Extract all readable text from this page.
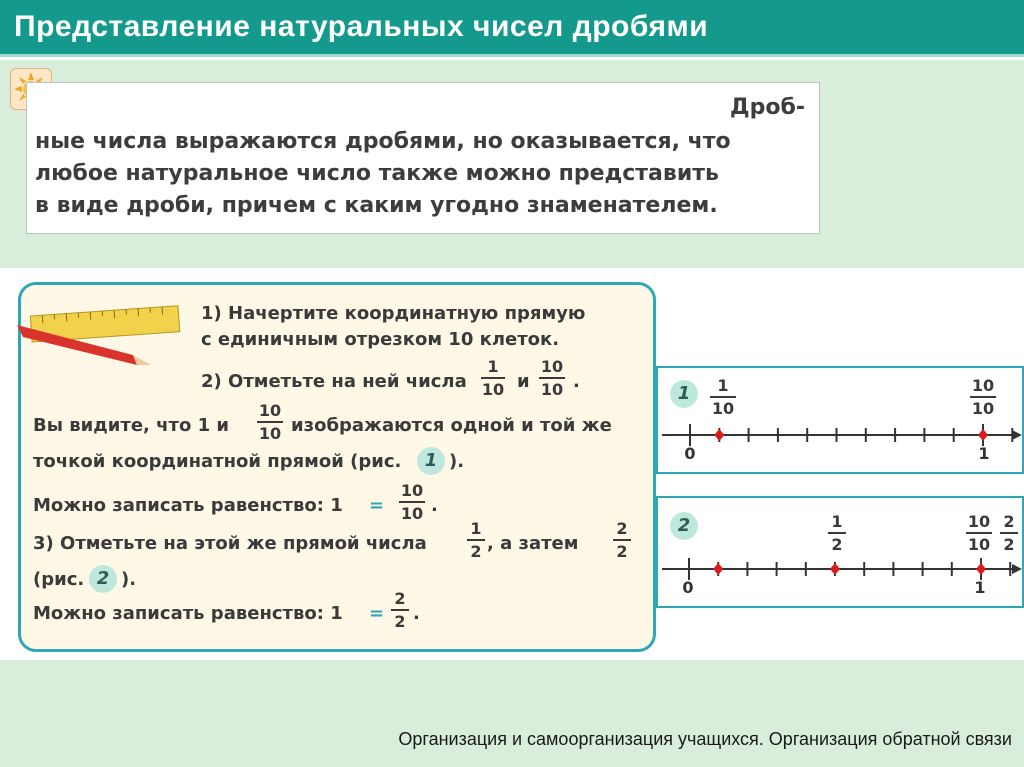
Представление натуральных чисел дробями
Дроб-
ные числа выражаются дробями, но оказывается, что
любое натуральное число также можно представить
в виде дроби, причем с каким угодно знаменателем.
1) Начертите координатную прямую
с единичным отрезком 10 клеток.
2) Отметьте на ней числа
1
10 и
10
10 .
Вы видите, что 1 и
10
10 изображаются одной и той же
точкой координатной прямой (рис.	1 ).
Можно записать равенство: 1 =
10
10 .
3) Отметьте на этой же прямой числа
1
2 , а затем
2
2
(рис. 2 ).
Можно записать равенство: 1 =
2
2 .
1	1
10
10
10
0	1
2	1
2
10
10
2
2
0	1
Организация и самоорганизация учащихся. Организация обратной связи
